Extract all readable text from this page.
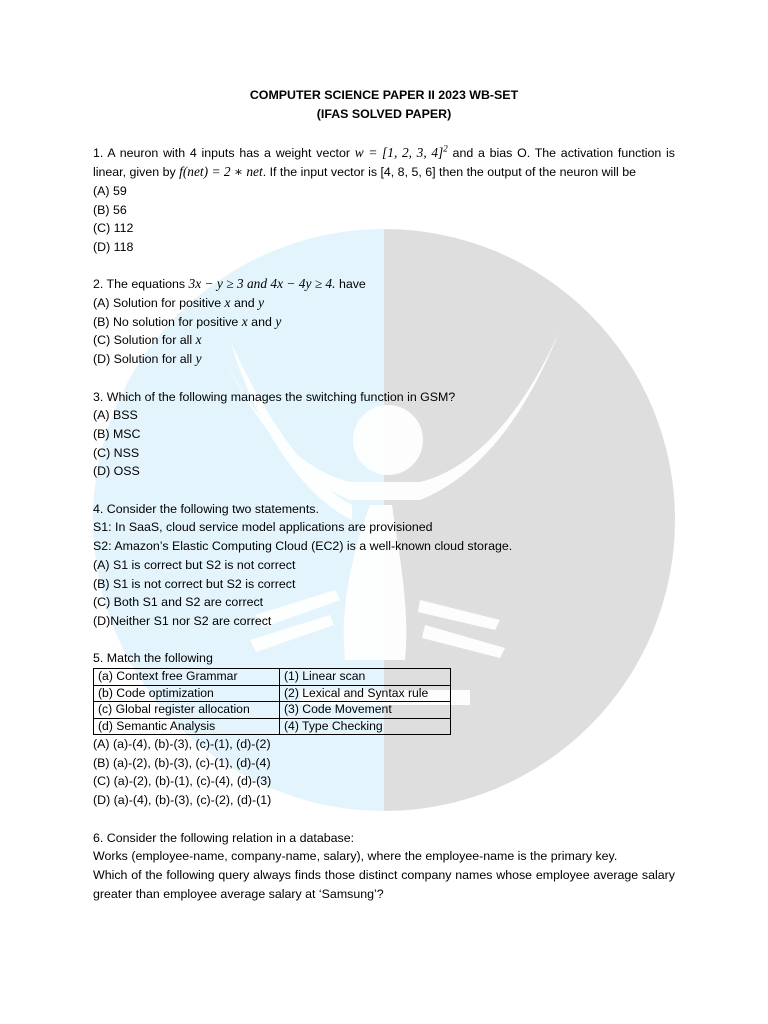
COMPUTER SCIENCE PAPER II 2023 WB-SET
(IFAS SOLVED PAPER)
1. A neuron with 4 inputs has a weight vector w = [1, 2, 3, 4]$^2$ and a bias O. The activation function is linear, given by f(net) = 2 ∗ net. If the input vector is [4, 8, 5, 6] then the output of the neuron will be
(A) 59
(B) 56
(C) 112
(D) 118
2. The equations 3x − y ≥ 3 and 4x − 4y ≥ 4. have
(A) Solution for positive x and y
(B) No solution for positive x and y
(C) Solution for all x
(D) Solution for all y
3. Which of the following manages the switching function in GSM?
(A) BSS
(B) MSC
(C) NSS
(D) OSS
4. Consider the following two statements.
S1: In SaaS, cloud service model applications are provisioned
S2: Amazon’s Elastic Computing Cloud (EC2) is a well-known cloud storage.
(A) S1 is correct but S2 is not correct
(B) S1 is not correct but S2 is correct
(C) Both S1 and S2 are correct
(D)Neither S1 nor S2 are correct
5. Match the following
(a) Context free Grammar	(1) Linear scan
(b) Code optimization	(2) Lexical and Syntax rule
(c) Global register allocation	(3) Code Movement
(d) Semantic Analysis	(4) Type Checking
(A) (a)-(4), (b)-(3), (c)-(1), (d)-(2)
(B) (a)-(2), (b)-(3), (c)-(1), (d)-(4)
(C) (a)-(2), (b)-(1), (c)-(4), (d)-(3)
(D) (a)-(4), (b)-(3), (c)-(2), (d)-(1)
6. Consider the following relation in a database:
Works (employee-name, company-name, salary), where the employee-name is the primary key.
Which of the following query always finds those distinct company names whose employee average salary greater than employee average salary at ‘Samsung’?
